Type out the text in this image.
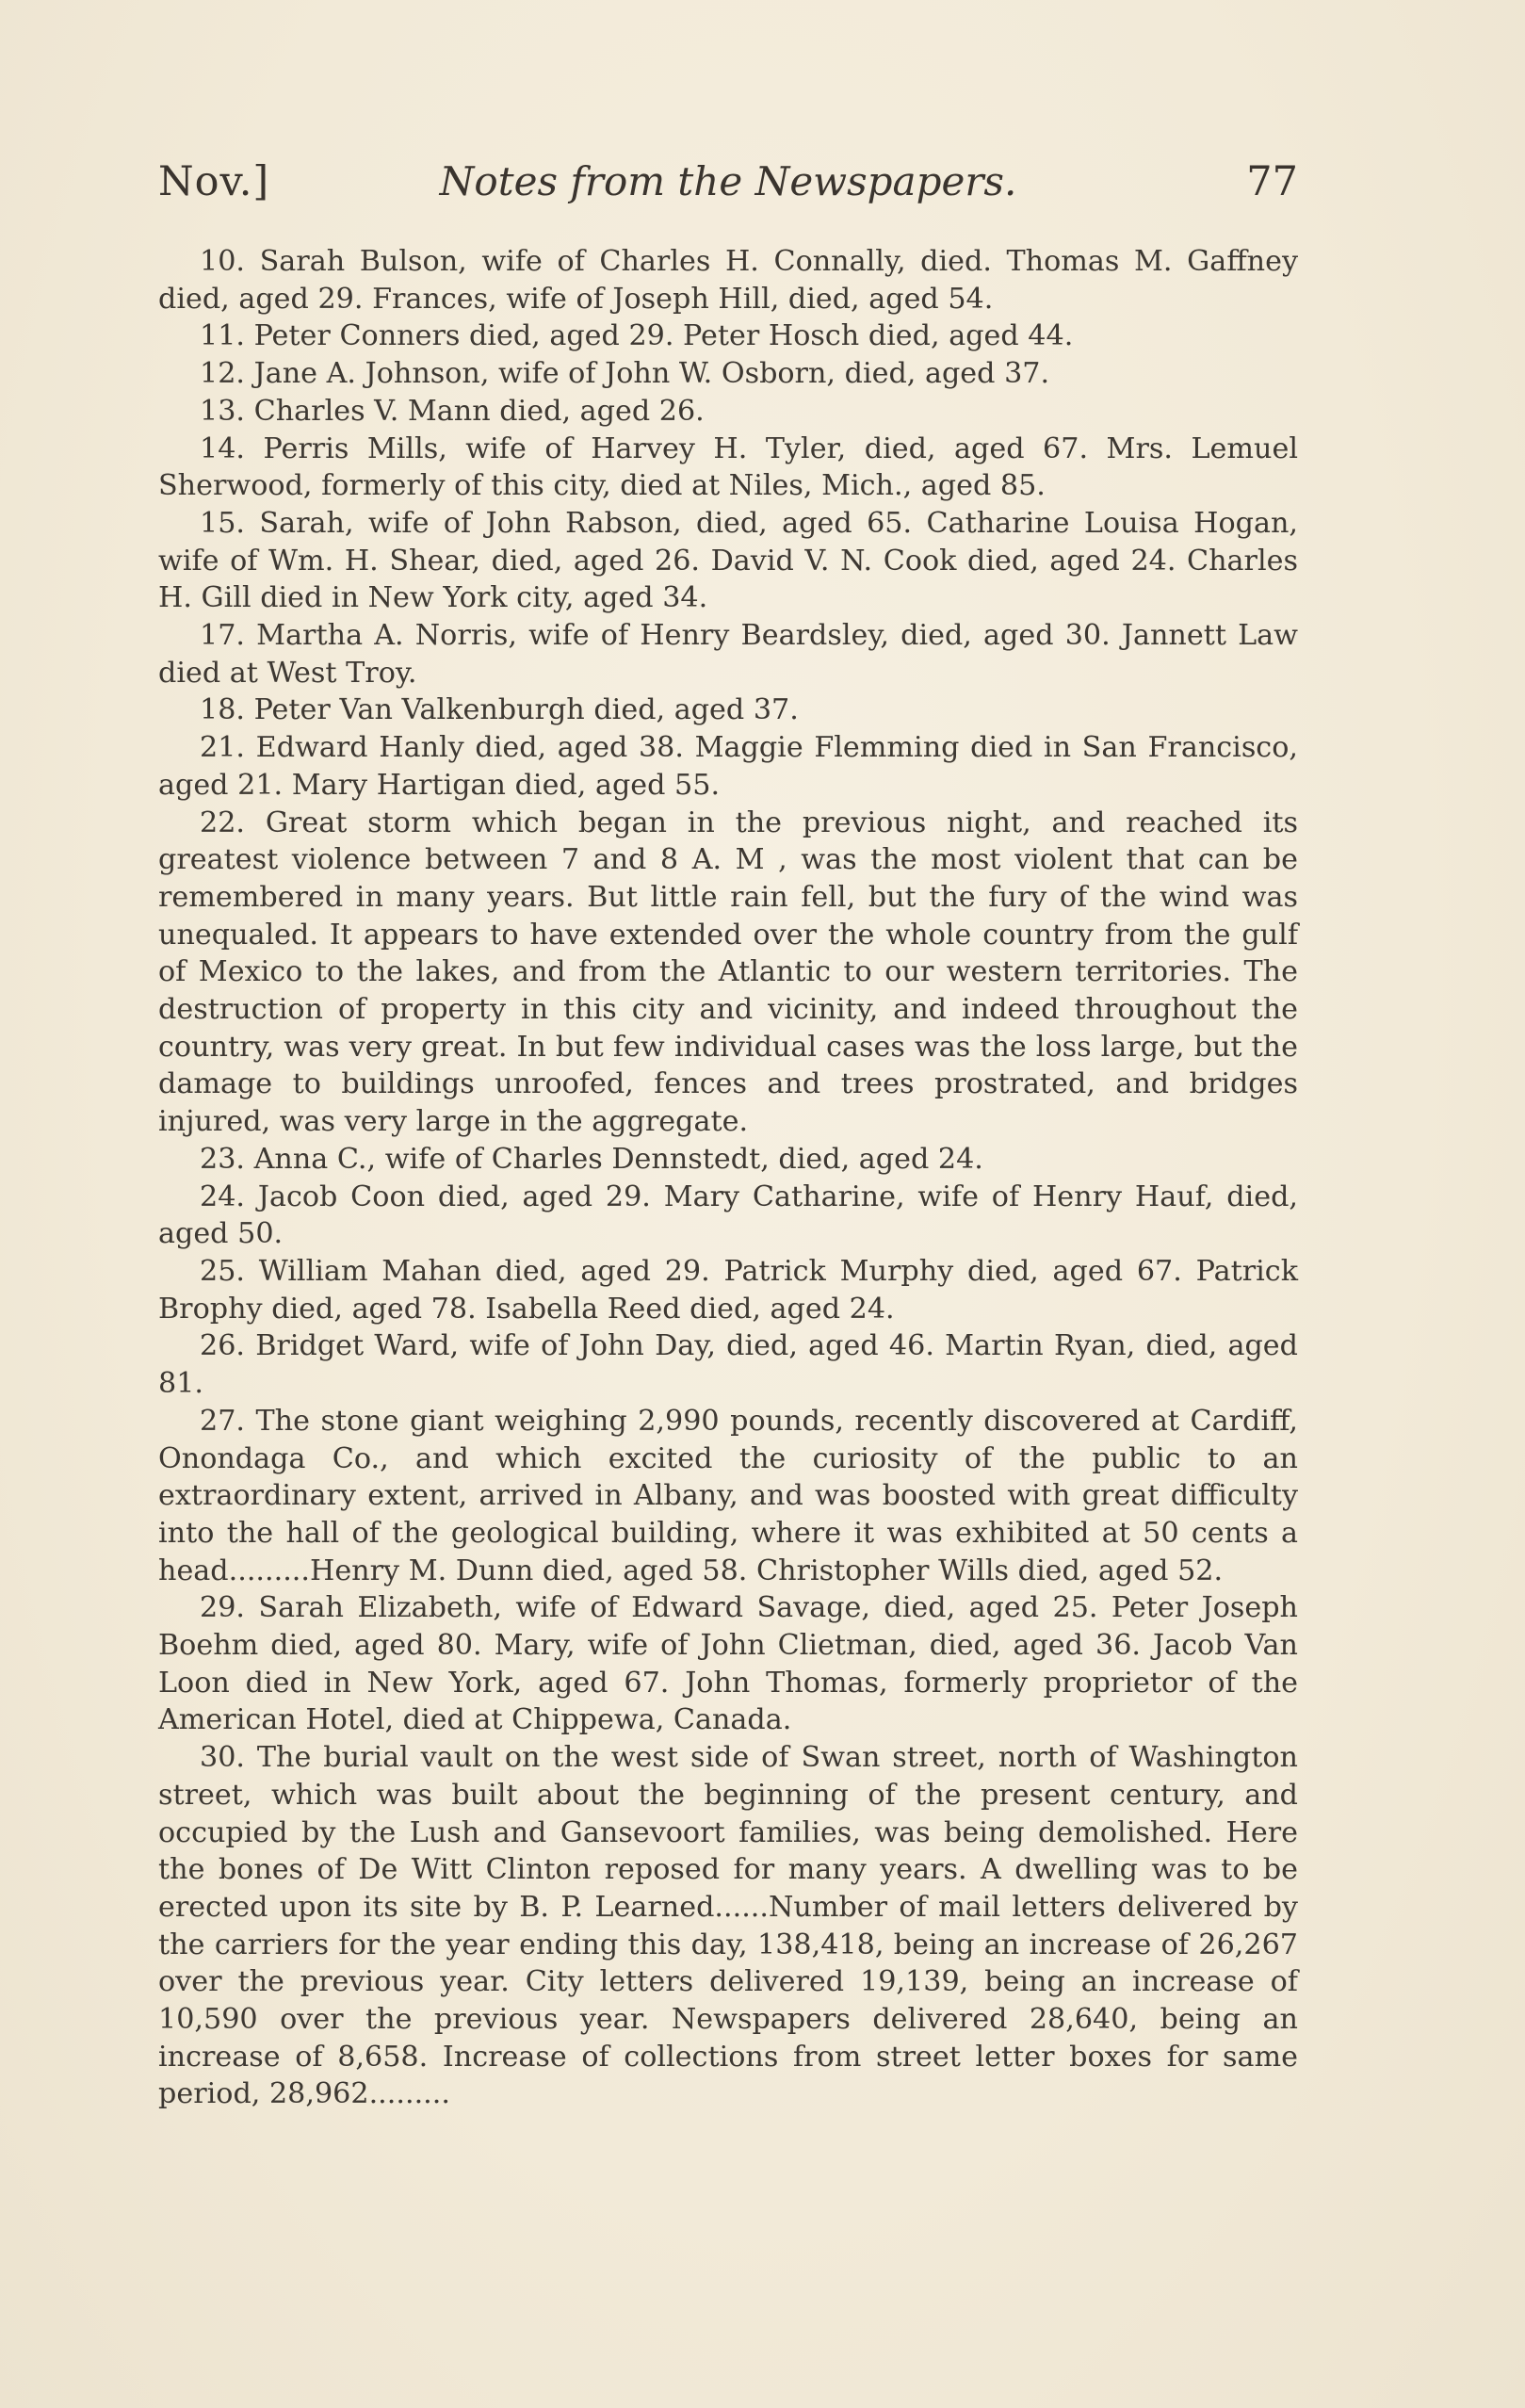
Nov.]	Notes from the Newspapers.	77

10. Sarah Bulson, wife of Charles H. Connally, died. Thomas M. Gaffney died, aged 29. Frances, wife of Joseph Hill, died, aged 54.

11. Peter Conners died, aged 29. Peter Hosch died, aged 44.

12. Jane A. Johnson, wife of John W. Osborn, died, aged 37.

13. Charles V. Mann died, aged 26.

14. Perris Mills, wife of Harvey H. Tyler, died, aged 67. Mrs. Lemuel Sherwood, formerly of this city, died at Niles, Mich., aged 85.

15. Sarah, wife of John Rabson, died, aged 65. Catharine Louisa Hogan, wife of Wm. H. Shear, died, aged 26. David V. N. Cook died, aged 24. Charles H. Gill died in New York city, aged 34.

17. Martha A. Norris, wife of Henry Beardsley, died, aged 30. Jannett Law died at West Troy.

18. Peter Van Valkenburgh died, aged 37.

21. Edward Hanly died, aged 38. Maggie Flemming died in San Francisco, aged 21. Mary Hartigan died, aged 55.

22. Great storm which began in the previous night, and reached its greatest violence between 7 and 8 A. M , was the most violent that can be remembered in many years. But little rain fell, but the fury of the wind was unequaled. It appears to have extended over the whole country from the gulf of Mexico to the lakes, and from the Atlantic to our western territories. The destruction of property in this city and vicinity, and indeed throughout the country, was very great. In but few individual cases was the loss large, but the damage to buildings unroofed, fences and trees prostrated, and bridges injured, was very large in the aggregate.

23. Anna C., wife of Charles Dennstedt, died, aged 24.

24. Jacob Coon died, aged 29. Mary Catharine, wife of Henry Hauf, died, aged 50.

25. William Mahan died, aged 29. Patrick Murphy died, aged 67. Patrick Brophy died, aged 78. Isabella Reed died, aged 24.

26. Bridget Ward, wife of John Day, died, aged 46. Martin Ryan, died, aged 81.

27. The stone giant weighing 2,990 pounds, recently discovered at Cardiff, Onondaga Co., and which excited the curiosity of the public to an extraordinary extent, arrived in Albany, and was boosted with great difficulty into the hall of the geological building, where it was exhibited at 50 cents a head.........Henry M. Dunn died, aged 58. Christopher Wills died, aged 52.

29. Sarah Elizabeth, wife of Edward Savage, died, aged 25. Peter Joseph Boehm died, aged 80. Mary, wife of John Clietman, died, aged 36. Jacob Van Loon died in New York, aged 67. John Thomas, formerly proprietor of the American Hotel, died at Chippewa, Canada.

30. The burial vault on the west side of Swan street, north of Washington street, which was built about the beginning of the present century, and occupied by the Lush and Gansevoort families, was being demolished. Here the bones of De Witt Clinton reposed for many years. A dwelling was to be erected upon its site by B. P. Learned......Number of mail letters delivered by the carriers for the year ending this day, 138,418, being an increase of 26,267 over the previous year. City letters delivered 19,139, being an increase of 10,590 over the previous year. Newspapers delivered 28,640, being an increase of 8,658. Increase of collections from street letter boxes for same period, 28,962.........
